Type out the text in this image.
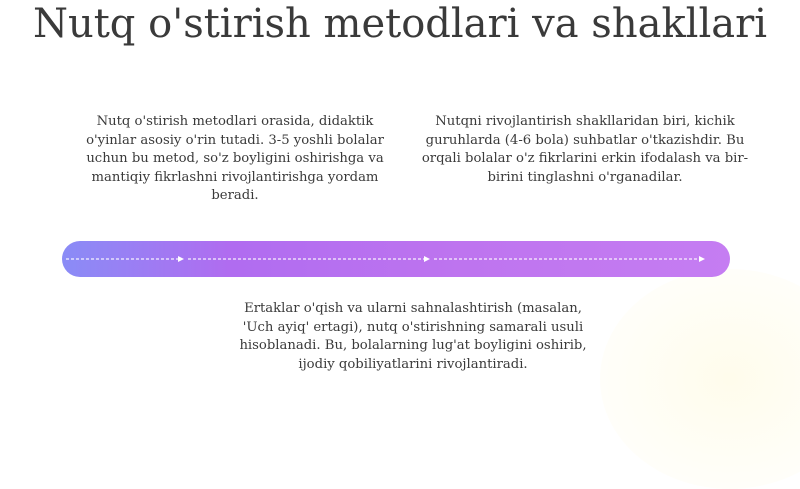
Nutq o'stirish metodlari va shakllari
Nutq o'stirish metodlari orasida, didaktik o'yinlar asosiy o'rin tutadi. 3-5 yoshli bolalar uchun bu metod, so'z boyligini oshirishga va mantiqiy fikrlashni rivojlantirishga yordam beradi.
Nutqni rivojlantirish shakllaridan biri, kichik guruhlarda (4-6 bola) suhbatlar o'tkazishdir. Bu orqali bolalar o'z fikrlarini erkin ifodalash va bir-birini tinglashni o'rganadilar.
Ertaklar o'qish va ularni sahnalashtirish (masalan, 'Uch ayiq' ertagi), nutq o'stirishning samarali usuli hisoblanadi. Bu, bolalarning lug'at boyligini oshirib, ijodiy qobiliyatlarini rivojlantiradi.
